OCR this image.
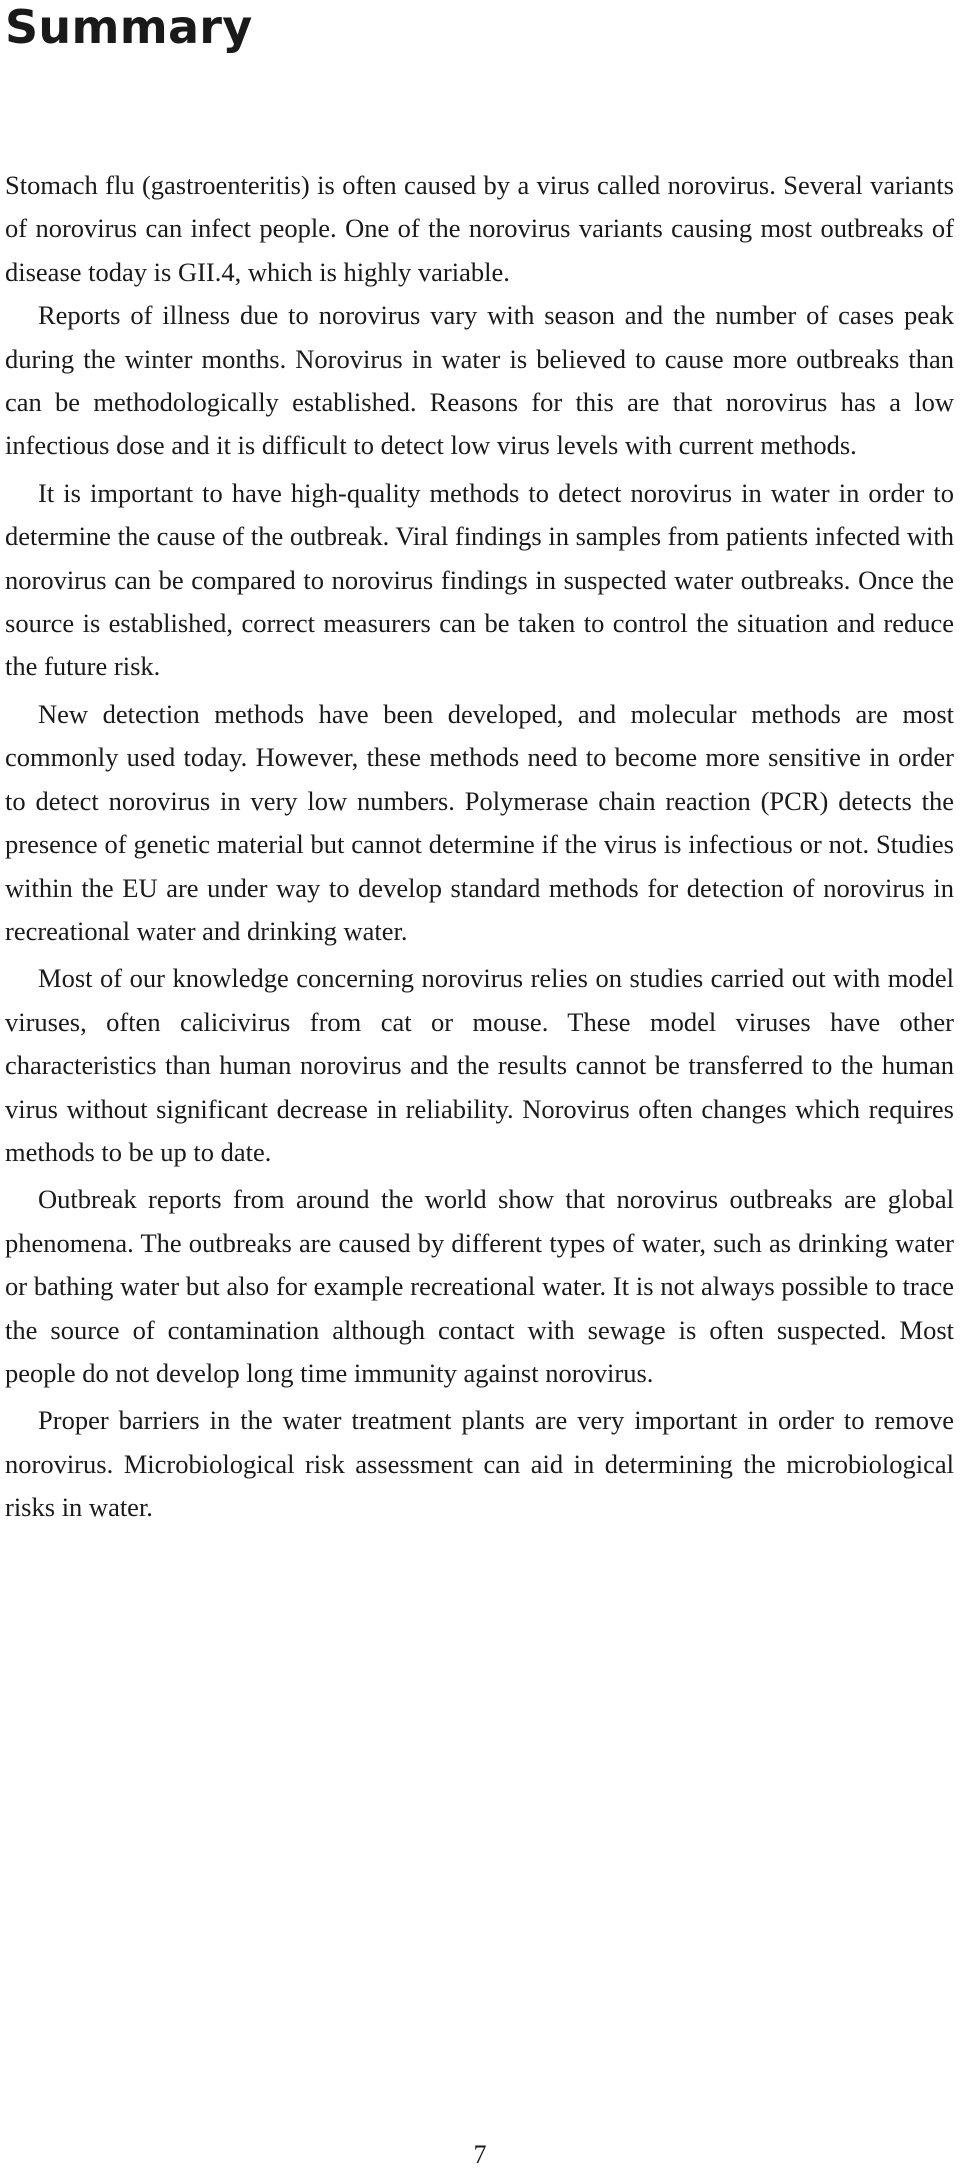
Summary

Stomach flu (gastroenteritis) is often caused by a virus called norovirus. Several variants of norovirus can infect people. One of the norovirus variants causing most outbreaks of disease today is GII.4, which is highly variable.

Reports of illness due to norovirus vary with season and the number of cases peak during the winter months. Norovirus in water is believed to cause more outbreaks than can be methodologically established. Reasons for this are that norovirus has a low infectious dose and it is difficult to detect low virus levels with current methods.

It is important to have high-quality methods to detect norovirus in water in order to determine the cause of the outbreak. Viral findings in samples from patients infected with norovirus can be compared to norovirus findings in suspected water outbreaks. Once the source is established, correct measurers can be taken to control the situation and reduce the future risk.

New detection methods have been developed, and molecular methods are most commonly used today. However, these methods need to become more sensitive in order to detect norovirus in very low numbers. Polymerase chain reaction (PCR) detects the presence of genetic material but cannot determine if the virus is infectious or not. Studies within the EU are under way to develop standard methods for detection of norovirus in recreational water and drinking water.

Most of our knowledge concerning norovirus relies on studies carried out with model viruses, often calicivirus from cat or mouse. These model viruses have other characteristics than human norovirus and the results cannot be transferred to the human virus without significant decrease in reliability. Norovirus often changes which requires methods to be up to date.

Outbreak reports from around the world show that norovirus outbreaks are global phenomena. The outbreaks are caused by different types of water, such as drinking water or bathing water but also for example recreational water. It is not always possible to trace the source of contamination although contact with sewage is often suspected. Most people do not develop long time immunity against norovirus.

Proper barriers in the water treatment plants are very important in order to remove norovirus. Microbiological risk assessment can aid in determining the microbiological risks in water.

7
